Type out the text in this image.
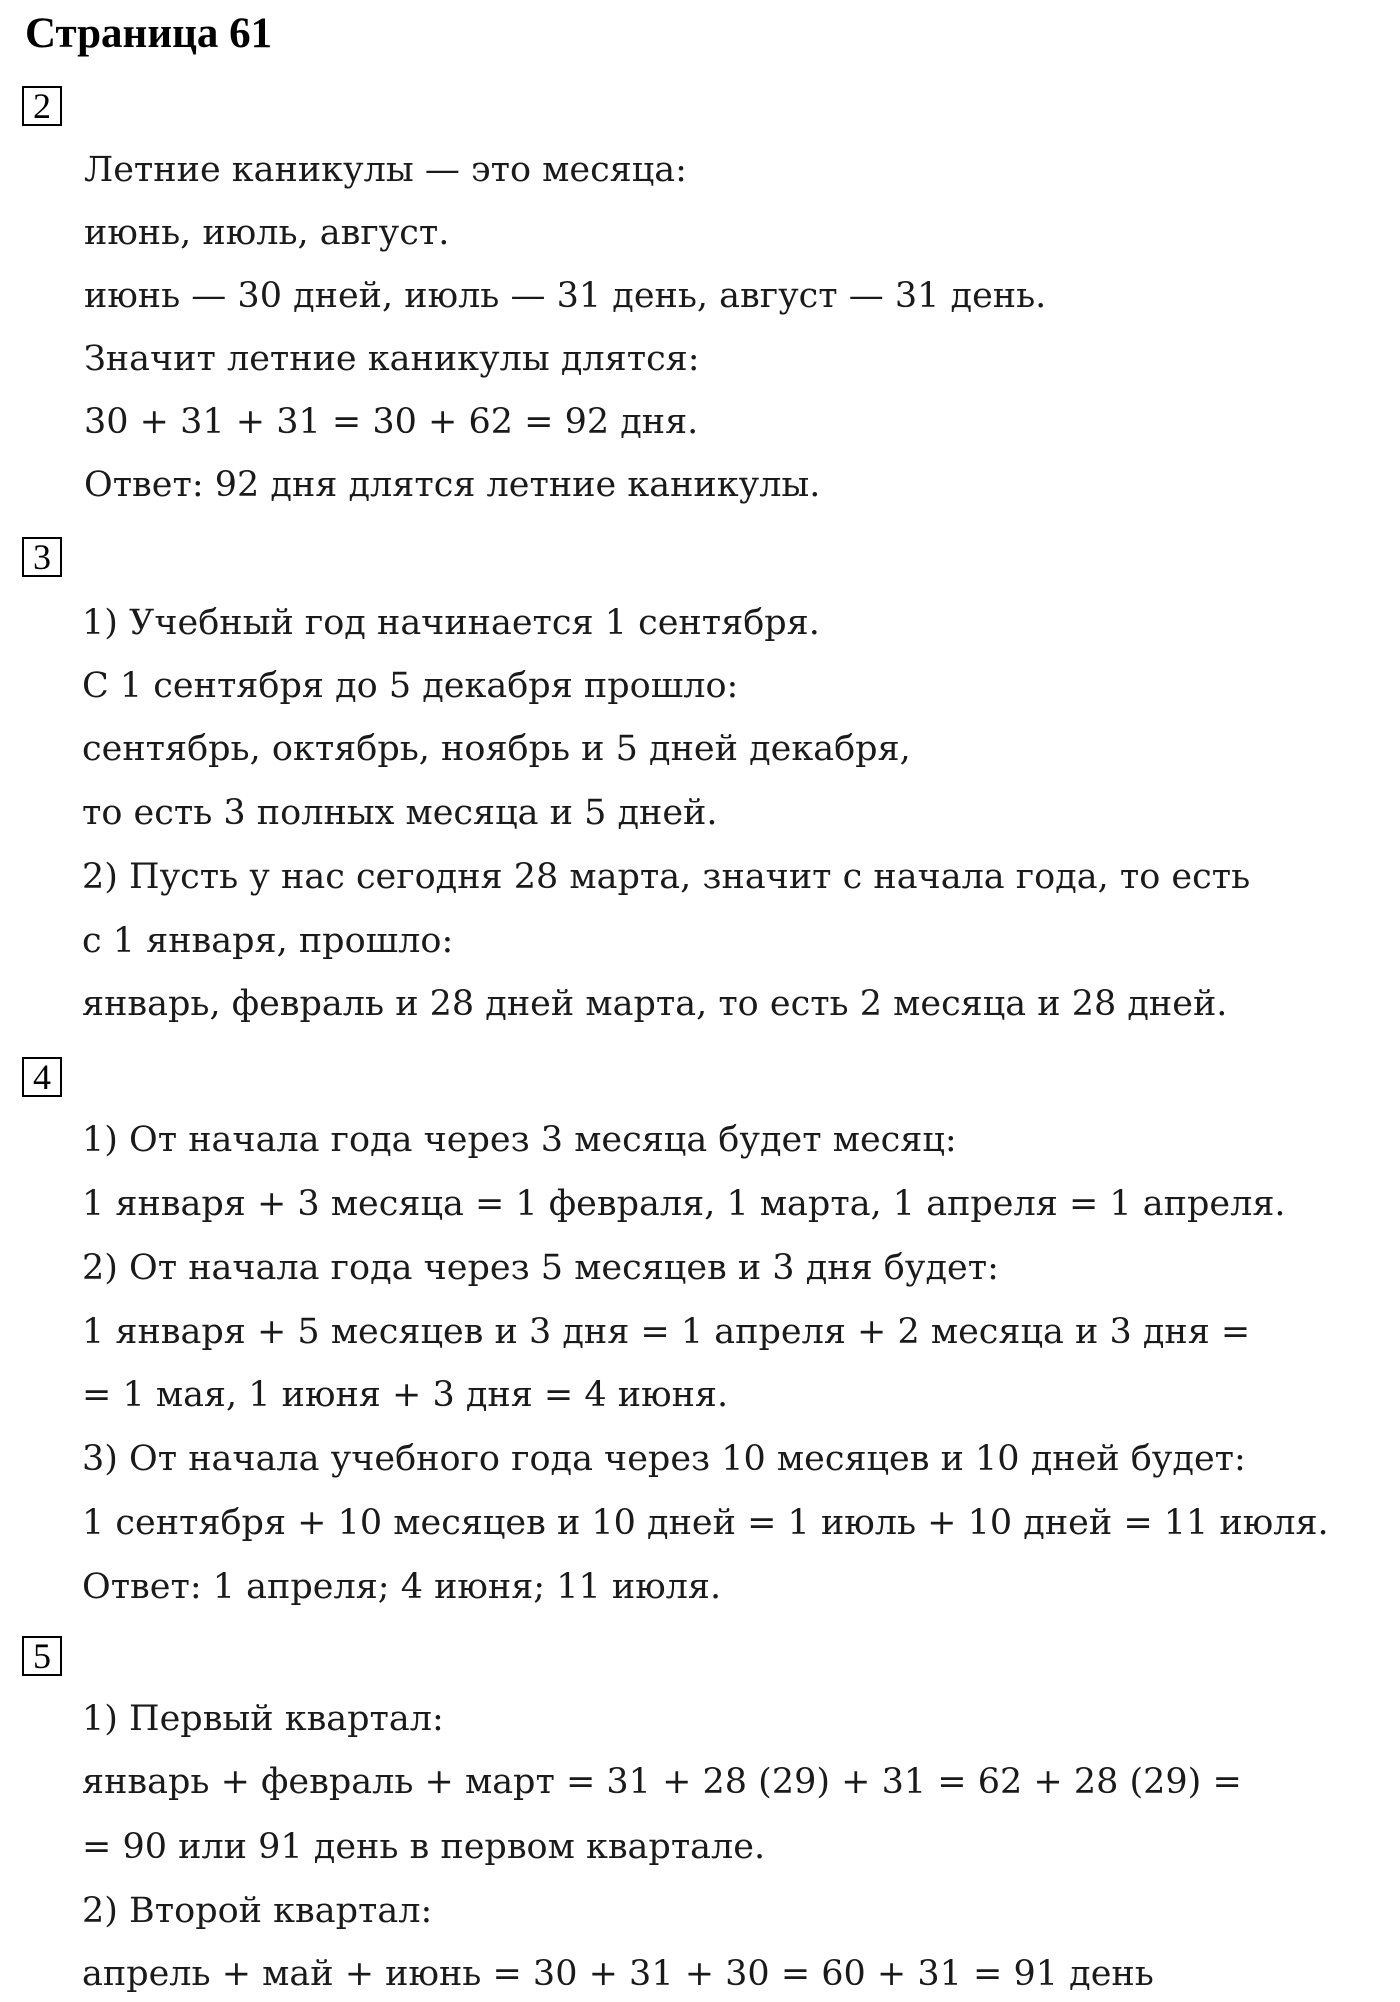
Страница 61
2
Летние каникулы — это месяца:
июнь, июль, август.
июнь — 30 дней, июль — 31 день, август — 31 день.
Значит летние каникулы длятся:
30 + 31 + 31 = 30 + 62 = 92 дня.
Ответ: 92 дня длятся летние каникулы.
3
1) Учебный год начинается 1 сентября.
С 1 сентября до 5 декабря прошло:
сентябрь, октябрь, ноябрь и 5 дней декабря,
то есть 3 полных месяца и 5 дней.
2) Пусть у нас сегодня 28 марта, значит с начала года, то есть
с 1 января, прошло:
январь, февраль и 28 дней марта, то есть 2 месяца и 28 дней.
4
1) От начала года через 3 месяца будет месяц:
1 января + 3 месяца = 1 февраля, 1 марта, 1 апреля = 1 апреля.
2) От начала года через 5 месяцев и 3 дня будет:
1 января + 5 месяцев и 3 дня = 1 апреля + 2 месяца и 3 дня =
= 1 мая, 1 июня + 3 дня = 4 июня.
3) От начала учебного года через 10 месяцев и 10 дней будет:
1 сентября + 10 месяцев и 10 дней = 1 июль + 10 дней = 11 июля.
Ответ: 1 апреля; 4 июня; 11 июля.
5
1) Первый квартал:
январь + февраль + март = 31 + 28 (29) + 31 = 62 + 28 (29) =
= 90 или 91 день в первом квартале.
2) Второй квартал:
апрель + май + июнь = 30 + 31 + 30 = 60 + 31 = 91 день
